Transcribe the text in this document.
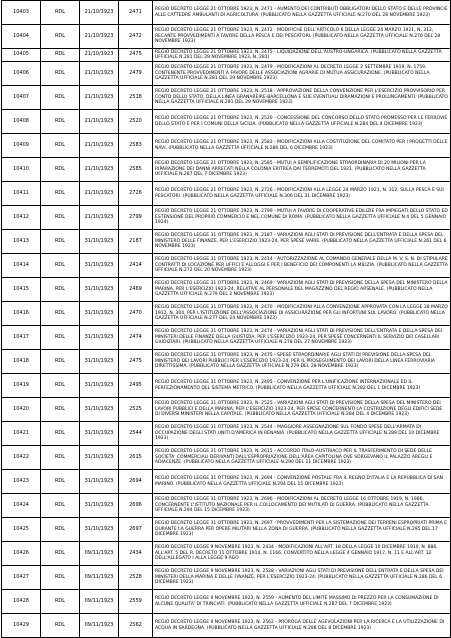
10403	RDL	21/10/1923	2471	REGIO DECRETO LEGGE 21 OTTOBRE 1923, N. 2471 - AUMENTO DEI CONTRIBUTI OBBLIGATORI DELLO STATO E DELLE PROVINCIE ALLE CATTEDRE AMBULANTI DI AGRICOLTURA. (PUBBLICATO NELLA GAZZETTA UFFICIALE N.270 DEL 28 NOVEMBRE 1923)
10404	RDL	21/10/1923	2472	REGIO DECRETO LEGGE 21 OTTOBRE 1923, N. 2472 - MODIFICHE DELL'ARTICOLO 6 DELLA LEGGE 24 MARZO 1921, N. 312, RECANTE PROVVEDIMENTI A FAVORE DELLA PESCA E DEI PESCATORI. (PUBBLICATO NELLA GAZZETTA UFFICIALE N.270 DEL 28 NOVEMBRE 1923)
10405	RDL	21/10/1923	2475	REGIO DECRETO LEGGE 21 OTTOBRE 1923, N. 2475 - LIQUIDAZIONE DELL'AUSTRO-UNGARICA. (PUBBLICATO NELLA GAZZETTA UFFICIALE N.281 DEL 29 NOVEMBRE 1923, N. 281)
10406	RDL	21/10/1923	2479	REGIO DECRETO LEGGE 21 OTTOBRE 1923, N. 2479 - MODIFICAZIONI AL DECRETO LEGGE 2 SETTEMBRE 1919, N. 1759, CONTENENTE PROVVEDIMENTI A FAVORE DELLE ASSOCIAZIONI AGRARIE DI MUTUA ASSICURAZIONE. (PUBBLICATO NELLA GAZZETTA UFFICIALE N.281 DEL 29 NOVEMBRE 1923)
10407	RDL	21/10/1923	2518	REGIO DECRETO LEGGE 21 OTTOBRE 1923, N. 2518 - APPROVAZIONE DELLA CONVENZIONE PER L'ESERCIZIO PROVVISORIO PER CONTO DELLO STATO, DELLA LINEA GRANAREIRE-BARCELLONA E SUE EVENTUALI DIRAMAZIONI E PROLUNGAMENTI. (PUBBLICATO NELLA GAZZETTA UFFICIALE N.281 DEL 29 NOVEMBRE 1923)
10408	RDL	21/10/1923	2520	REGIO DECRETO LEGGE 21 OTTOBRE 1923, N. 2520 - CONCESSIONE DEL CONCORSO DELLO STATO PROMESSO PER LE FERROVIE DELLO STATO E PER I COMUNI DELLA SICILIA. (PUBBLICATO NELLA GAZZETTA UFFICIALE N.284 DEL 4 DICEMBRE 1923)
10409	RDL	21/10/1923	2583	REGIO DECRETO LEGGE 21 OTTOBRE 1923, N. 2583 - MODIFICAZIONI ALLA COSTITUZIONE DEL COMITATO PER I PROGETTI DELLE NAVI. (PUBBLICATO NELLA GAZZETTA UFFICIALE N.286 DEL 6 DICEMBRE 1923)
10410	RDL	21/10/1923	2585	REGIO DECRETO LEGGE 21 OTTOBRE 1923, N. 2585 - MUTUI A SEMPLIFICAZIONE STRAORDINARIA DI 20 MILIONI PER LA RIPARAZIONE DEI DANNI ARRECATI NELLA COLONIA ERITREA DAI TERREMOTI DEL 1921. (PUBBLICATO NELLA GAZZETTA UFFICIALE N.287 DEL 7 DICEMBRE 1923)
10411	RDL	21/10/1923	2726	REGIO DECRETO LEGGE 21 OTTOBRE 1923, N. 2726 - MODIFICAZIONI ALLA LEGGE 24 MARZO 1921, N. 312, SULLA PESCA E SUI PESCATORI. (PUBBLICATO NELLA GAZZETTA UFFICIALE N.306 DEL 31 DICEMBRE 1923)
10412	RDL	21/10/1923	2799	REGIO DECRETO LEGGE 21 OTTOBRE 1923, N. 2799 - MUTUI A FAVORE DI COOPERATIVE EDILIZIE FRA IMPIEGATI DELLO STATO ED ESTENSIONE DEL PROPRIO COMMERCIO E NEL COMUNE DI ROMA. (PUBBLICATO NELLA GAZZETTA UFFICIALE N.4 DEL 5 GENNAIO 1924)
10413	RDL	31/10/1923	2187	REGIO DECRETO LEGGE 31 OTTOBRE 1923, N. 2187 - VARIAZIONI AGLI STATI DI PREVISIONE DELL'ENTRATA E DELLA SPESA DEL MINISTERO DELLE FINANZE, PER L'ESERCIZIO 1923-24, PER SPESE VARIE. (PUBBLICATO NELLA GAZZETTA UFFICIALE N.261 DEL 6 NOVEMBRE 1923)
10414	RDL	31/10/1923	2414	REGIO DECRETO LEGGE 31 OTTOBRE 1923, N. 2414 - AUTORIZZAZIONE AL COMANDO GENERALE DELLA M. V. S. N. DI STIPULARE CONTRATTI DI LOCAZIONE PER UFFICI E ALLOGGI E PER I BENEFICIO DEI COMPONENTI LA MILIZIA. (PUBBLICATO NELLA GAZZETTA UFFICIALE N.272 DEL 20 NOVEMBRE 1923)
10415	RDL	31/10/1923	2469	REGIO DECRETO LEGGE 31 OTTOBRE 1923, N. 2469 - VARIAZIONI AGLI STATI DI PREVISIONE DELLA SPESA DEL MINISTERO DELLA MARINA, PER L'ESERCIZIO 1923-24, RELATIVE AL PERSONALE DEL MAGAZZINO DEL REGIO ARSENALE. (PUBBLICATO NELLA GAZZETTA UFFICIALE N.279 DEL 2 NOVEMBRE 1923)
10416	RDL	31/10/1923	2470	REGIO DECRETO LEGGE 31 OTTOBRE 1923, N. 2470 - MODIFICAZIONI ALLA CONVENZIONE APPROVATA CON LA LEGGE 28 MARZO 1912, N. 304, PER L'ISTITUZIONE DELL'ASSOCIAZIONE DI ASSICURAZIONE PER GLI INFORTUNI SUL LAVORO. (PUBBLICATO NELLA GAZZETTA UFFICIALE N.277 DEL 24 NOVEMBRE 1923)
10417	RDL	31/10/1923	2474	REGIO DECRETO LEGGE 31 OTTOBRE 1923, N. 2474 - VARIAZIONI AGLI STATI DI PREVISIONE DELL'ENTRATA E DELLA SPESA DEI MINISTERI DELLE FINANZE DELLA GIUSTIZIA, PER L'ESERCIZIO 1923-24, PER SPESE CONCERNENTI IL SERVIZIO DEI CASELLARI GIUDIZIARI. (PUBBLICATO NELLA GAZZETTA UFFICIALE N.278 DEL 27 NOVEMBRE 1923)
10418	RDL	31/10/1923	2475	REGIO DECRETO LEGGE 31 OTTOBRE 1923, N. 2475 - SPESE STRAORDINARIE AGLI STATI DI PREVISIONE DELLA SPESA DEL MINISTERO DEI LAVORI PUBBLICI PER L'ESERCIZIO 1923-24, PER IL PROSEGUIMENTO DEI LAVORI DELLA LINEA FERROVIARIA DIRETTISSIMA. (PUBBLICATO NELLA GAZZETTA UFFICIALE N.279 DEL 28 NOVEMBRE 1923)
10419	RDL	31/10/1923	2495	REGIO DECRETO LEGGE 31 OTTOBRE 1923, N. 2495 - CONVENZIONE PER L'UNIFICAZIONE INTERNAZIONALE ED IL PERFEZIONAMENTO DEL SISTEMA METRICO. (PUBBLICATO NELLA GAZZETTA UFFICIALE N.282 DEL 1 DICEMBRE 1923)
10420	RDL	31/10/1923	2525	REGIO DECRETO LEGGE 31 OTTOBRE 1923, N. 2525 - VARIAZIONI AGLI STATI DI PREVISIONE DELLA SPESA DEL MINISTERO DEI LAVORI PUBBLICI E DELLA MARINA, PER L'ESERCIZIO 1923-24, PER SPESE CONCERNENTI LA COSTRUZIONE DEGLI EDIFICI SEDE DI DIVERSI MINISTERI NELLA CAPITALE. (PUBBLICATO NELLA GAZZETTA UFFICIALE N.284 DEL 4 DICEMBRE 1923)
10421	RDL	31/10/1923	2544	REGIO DECRETO LEGGE 31 OTTOBRE 1923, N. 2544 - MAGGIORE ASSEGNAZIONE SUL FONDO SPESE DELL'ARMATA DI OCCUPAZIONE DEGLI STATI UNITI D'AMERICA IN RENANIA. (PUBBLICATO NELLA GAZZETTA UFFICIALE N.289 DEL 10 DICEMBRE 1923)
10422	RDL	31/10/1923	2615	REGIO DECRETO LEGGE 31 OTTOBRE 1923, N. 2615 - ACCORDO ITALO-AUSTRIACO PER IL TRASFERIMENTO DI SEDE DELLE SOCIETA' COMMERCIALI DERIVANTI DALL'ESPROPRIAZIONE DELL'AREA CAPITOLINA OVE SORGEVANO IL PALAZZO AREGLI E ADIACENZE. (PUBBLICATO NELLA GAZZETTA UFFICIALE N.290 DEL 11 DICEMBRE 1923)
10423	RDL	31/10/1923	2694	REGIO DECRETO LEGGE 31 OTTOBRE 1923, N. 2694 - CONVENZIONE POSTALE FRA IL REGNO D'ITALIA E LA REPUBBLICA DI SAN MARINO. (PUBBLICATO NELLA GAZZETTA UFFICIALE N.294 DEL 15 DICEMBRE 1923)
10424	RDL	31/10/1923	2696	REGIO DECRETO LEGGE 31 OTTOBRE 1923, N. 2696 - MODIFICAZIONI AL DECRETO LEGGE 16 OTTOBRE 1919, N. 1986, CONCERNENTE L'ISTITUTO NAZIONALE PER IL COLLOCAMENTO DEI MUTILATI DI GUERRA. (PUBBLICATO NELLA GAZZETTA UFFICIALE N.294 DEL 15 DICEMBRE 1923)
10425	RDL	31/10/1923	2697	REGIO DECRETO LEGGE 31 OTTOBRE 1923, N. 2697 - PROVVEDIMENTI PER LA SISTEMAZIONE DEI TERRENI ESPROPRIATI PRIMA E DURANTE LA GUERRA PER OPERE MILITARI NELLA ZONA DI GUERRA. (PUBBLICATO NELLA GAZZETTA UFFICIALE N.295 DEL 17 DICEMBRE 1923)
10426	RDL	09/11/1923	2434	REGIO DECRETO LEGGE 9 NOVEMBRE 1923, N. 2434 - MODIFICAZIONI ALL'ART. 18 DELLA LEGGE 10 DICEMBRE 1910, N. 886, ALL'ART. 5 DEL R. DECRETO 11 OTTOBRE 1914, N. 1166, CONVERTITO NELLA LEGGE 4 GENNAIO 1917, N. 11 E ALL'ART. 12 DELL'ALLEGATO I ALLA LEGGE 9 AGO
10427	RDL	09/11/1923	2528	REGIO DECRETO LEGGE 9 NOVEMBRE 1923, N. 2528 - VARIAZIONI AGLI STATI DI PREVISIONE DELL'ENTRATA E DELLA SPESA DEI MINISTERI DELLA MARINA E DELLE FINANZE, PER L'ESERCIZIO 1923-24. (PUBBLICATO NELLA GAZZETTA UFFICIALE N.286 DEL 6 DICEMBRE 1923)
10428	RDL	09/11/1923	2559	REGIO DECRETO LEGGE 9 NOVEMBRE 1923, N. 2559 - AUMENTO DEL LIMITE MASSIMO DI PREZZO PER LA CONSUMAZIONE DI ALCUNE QUALITA' DI TRINCIATI. (PUBBLICATO NELLA GAZZETTA UFFICIALE N.287 DEL 7 DICEMBRE 1923)
10429	RDL	09/11/1923	2562	REGIO DECRETO LEGGE 9 NOVEMBRE 1923, N. 2562 - PROROGA DELLE AGEVOLAZIONI PER LA RICERCA E LA UTILIZZAZIONE DI ACQUA IN SARDEGNA. (PUBBLICATO NELLA GAZZETTA UFFICIALE N.288 DEL 8 DICEMBRE 1923)
